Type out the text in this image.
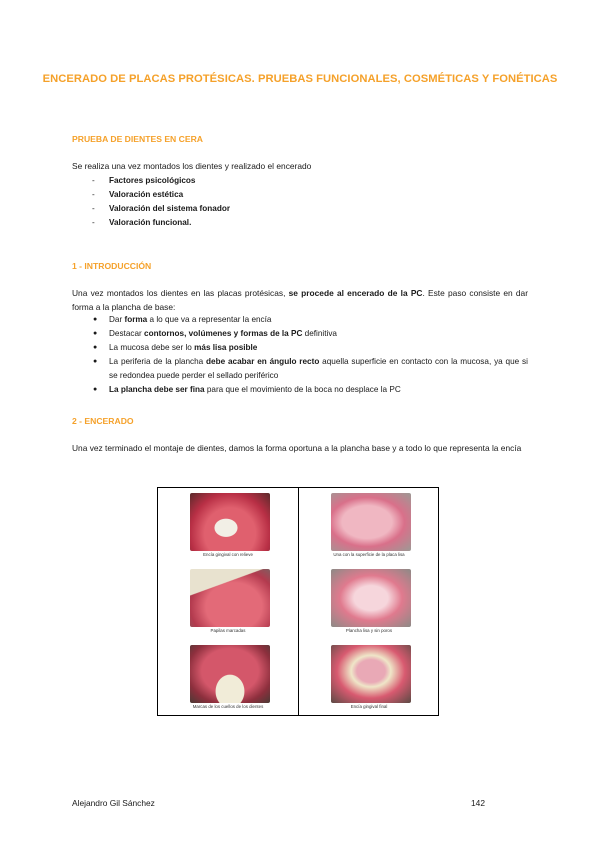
ENCERADO DE PLACAS PROTÉSICAS. PRUEBAS FUNCIONALES, COSMÉTICAS Y FONÉTICAS
PRUEBA DE DIENTES EN CERA
Se realiza una vez montados los dientes y realizado el encerado
- Factores psicológicos
- Valoración estética
- Valoración del sistema fonador
- Valoración funcional.
1 - INTRODUCCIÓN
Una vez montados los dientes en las placas protésicas, se procede al encerado de la PC. Este paso consiste en dar forma a la plancha de base:
● Dar forma a lo que va a representar la encía
● Destacar contornos, volúmenes y formas de la PC definitiva
● La mucosa debe ser lo más lisa posible
● La periferia de la plancha debe acabar en ángulo recto aquella superficie en contacto con la mucosa, ya que si se redondea puede perder el sellado periférico
● La plancha debe ser fina para que el movimiento de la boca no desplace la PC
2 - ENCERADO
Una vez terminado el montaje de dientes, damos la forma oportuna a la plancha base y a todo lo que representa la encía
Encía gingival con relieve	Una con la superficie de la placa lisa
Papilas marcadas	Plancha lisa y sin poros
Marcas de los cuellos de los dientes	Encía gingival final
Alejandro Gil Sánchez	142
